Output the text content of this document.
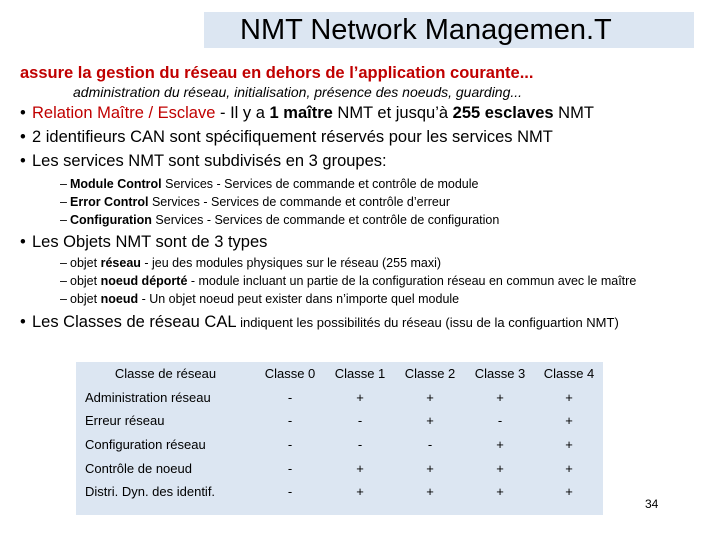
NMT Network Managemen.T
assure la gestion du réseau en dehors de l’application courante...
administration du réseau, initialisation, présence des noeuds, guarding...
• Relation Maître / Esclave - Il y a 1 maître NMT et jusqu’à 255 esclaves NMT
• 2 identifieurs CAN sont spécifiquement réservés pour les services NMT
• Les services NMT sont subdivisés en 3 groupes:
– Module Control Services - Services de commande et contrôle de module
– Error Control Services - Services de commande et contrôle d’erreur
– Configuration Services - Services de commande et contrôle de configuration
• Les Objets NMT sont de 3 types
– objet réseau - jeu des modules physiques sur le réseau (255 maxi)
– objet noeud déporté - module incluant un partie de la configuration réseau en commun avec le maître
– objet noeud - Un objet noeud peut exister dans n’importe quel module
• Les Classes de réseau CAL indiquent les possibilités du réseau (issu de la configuartion NMT)
Classe de réseau	Classe 0	Classe 1	Classe 2	Classe 3	Classe 4
Administration réseau	-	+	+	+	+
Erreur réseau	-	-	+	-	+
Configuration réseau	-	-	-	+	+
Contrôle de noeud	-	+	+	+	+
Distri. Dyn. des identif.	-	+	+	+	+
34
